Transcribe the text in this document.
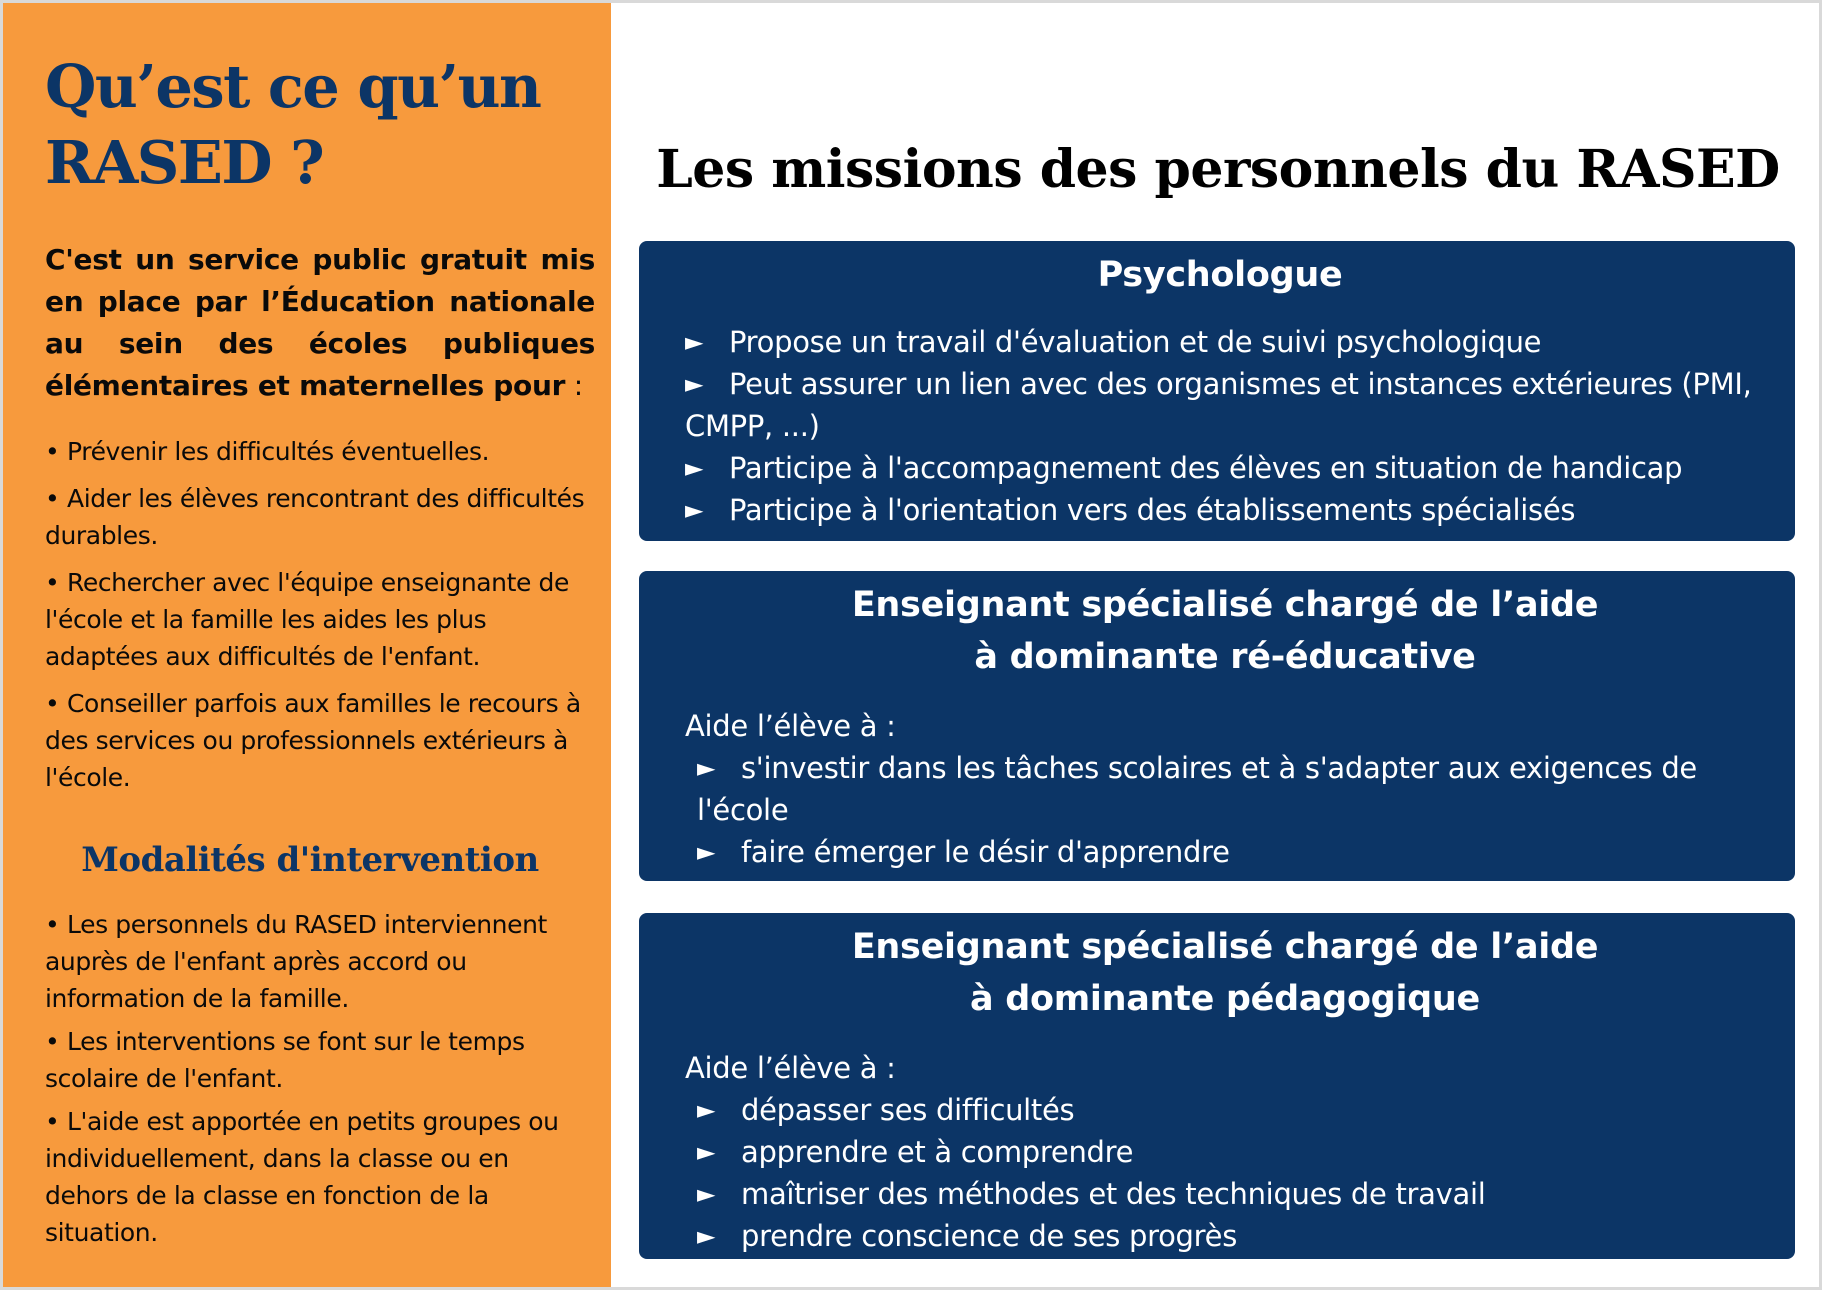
Qu’est ce qu’un
RASED ?

C'est un service public gratuit mis en place par l’Éducation nationale au sein des écoles publiques élémentaires et maternelles pour :

• Prévenir les difficultés éventuelles.
• Aider les élèves rencontrant des difficultés durables.
• Rechercher avec l'équipe enseignante de l'école et la famille les aides les plus adaptées aux difficultés de l'enfant.
• Conseiller parfois aux familles le recours à des services ou professionnels extérieurs à l'école.
Modalités d'intervention
• Les personnels du RASED interviennent auprès de l'enfant après accord ou information de la famille.
• Les interventions se font sur le temps scolaire de l'enfant.
• L'aide est apportée en petits groupes ou individuellement, dans la classe ou en dehors de la classe en fonction de la situation.
Les missions des personnels du RASED
Psychologue
► Propose un travail d'évaluation et de suivi psychologique
► Peut assurer un lien avec des organismes et instances extérieures (PMI, CMPP, ...)
► Participe à l'accompagnement des élèves en situation de handicap
► Participe à l'orientation vers des établissements spécialisés
Enseignant spécialisé chargé de l’aide
à dominante ré-éducative

Aide l’élève à :

► s'investir dans les tâches scolaires et à s'adapter aux exigences de l'école
► faire émerger le désir d'apprendre
► restaurer son estime de soi
Enseignant spécialisé chargé de l’aide
à dominante pédagogique

Aide l’élève à :

► dépasser ses difficultés
► apprendre et à comprendre
► maîtriser des méthodes et des techniques de travail
► prendre conscience de ses progrès
